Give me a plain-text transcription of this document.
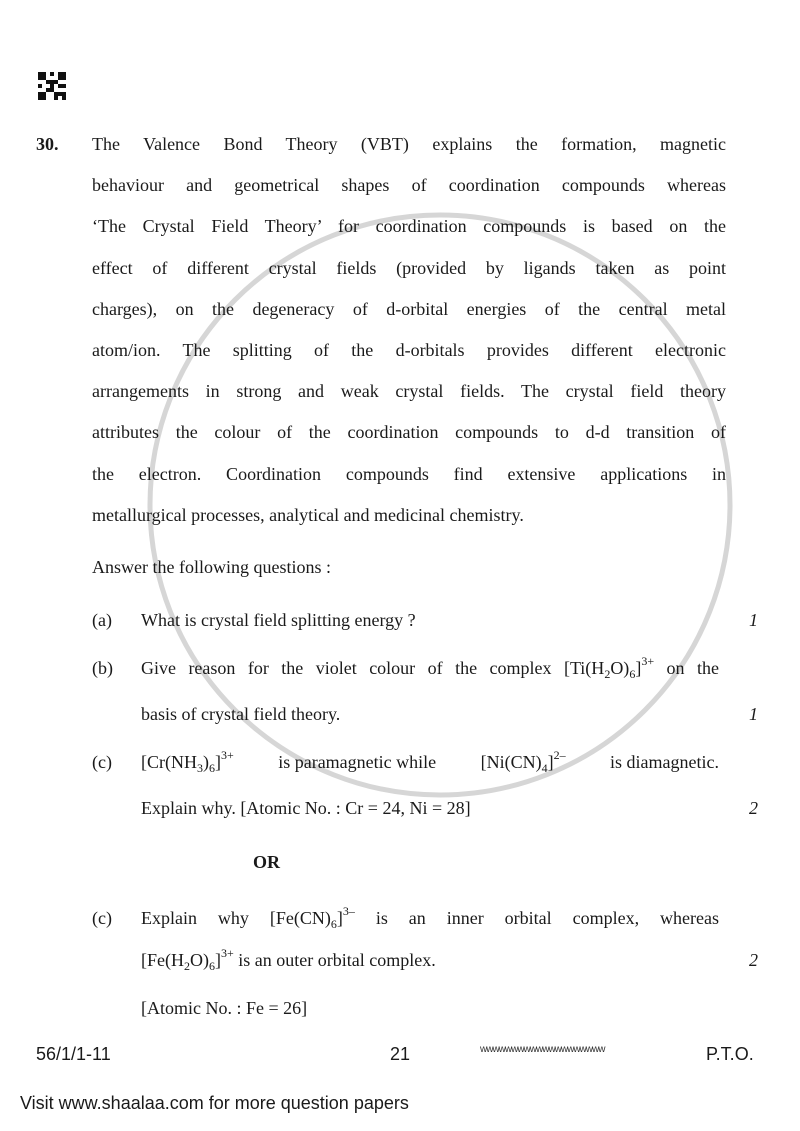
30. The Valence Bond Theory (VBT) explains the formation, magnetic
behaviour and geometrical shapes of coordination compounds whereas
‘The Crystal Field Theory’ for coordination compounds is based on the
effect of different crystal fields (provided by ligands taken as point
charges), on the degeneracy of d-orbital energies of the central metal
atom/ion. The splitting of the d-orbitals provides different electronic
arrangements in strong and weak crystal fields. The crystal field theory
attributes the colour of the coordination compounds to d-d transition of
the electron. Coordination compounds find extensive applications in
metallurgical processes, analytical and medicinal chemistry.
Answer the following questions :
(a) What is crystal field splitting energy ?	1
(b) Give reason for the violet colour of the complex $[Ti(H_2O)_6]^{3+}$ on the
basis of crystal field theory.	1
(c) $[Cr(NH_3)_6]^{3+}$ is paramagnetic while $[Ni(CN)_4]^{2-}$ is diamagnetic.
Explain why. [Atomic No. : Cr = 24, Ni = 28]	2
OR
(c) Explain why $[Fe(CN)_6]^{3-}$ is an inner orbital complex, whereas
$[Fe(H_2O)_6]^{3+}$ is an outer orbital complex.	2
[Atomic No. : Fe = 26]
56/1/1-11	21	wwwwwwwwwwwwwwwwwwww	P.T.O.
Visit www.shaalaa.com for more question papers
